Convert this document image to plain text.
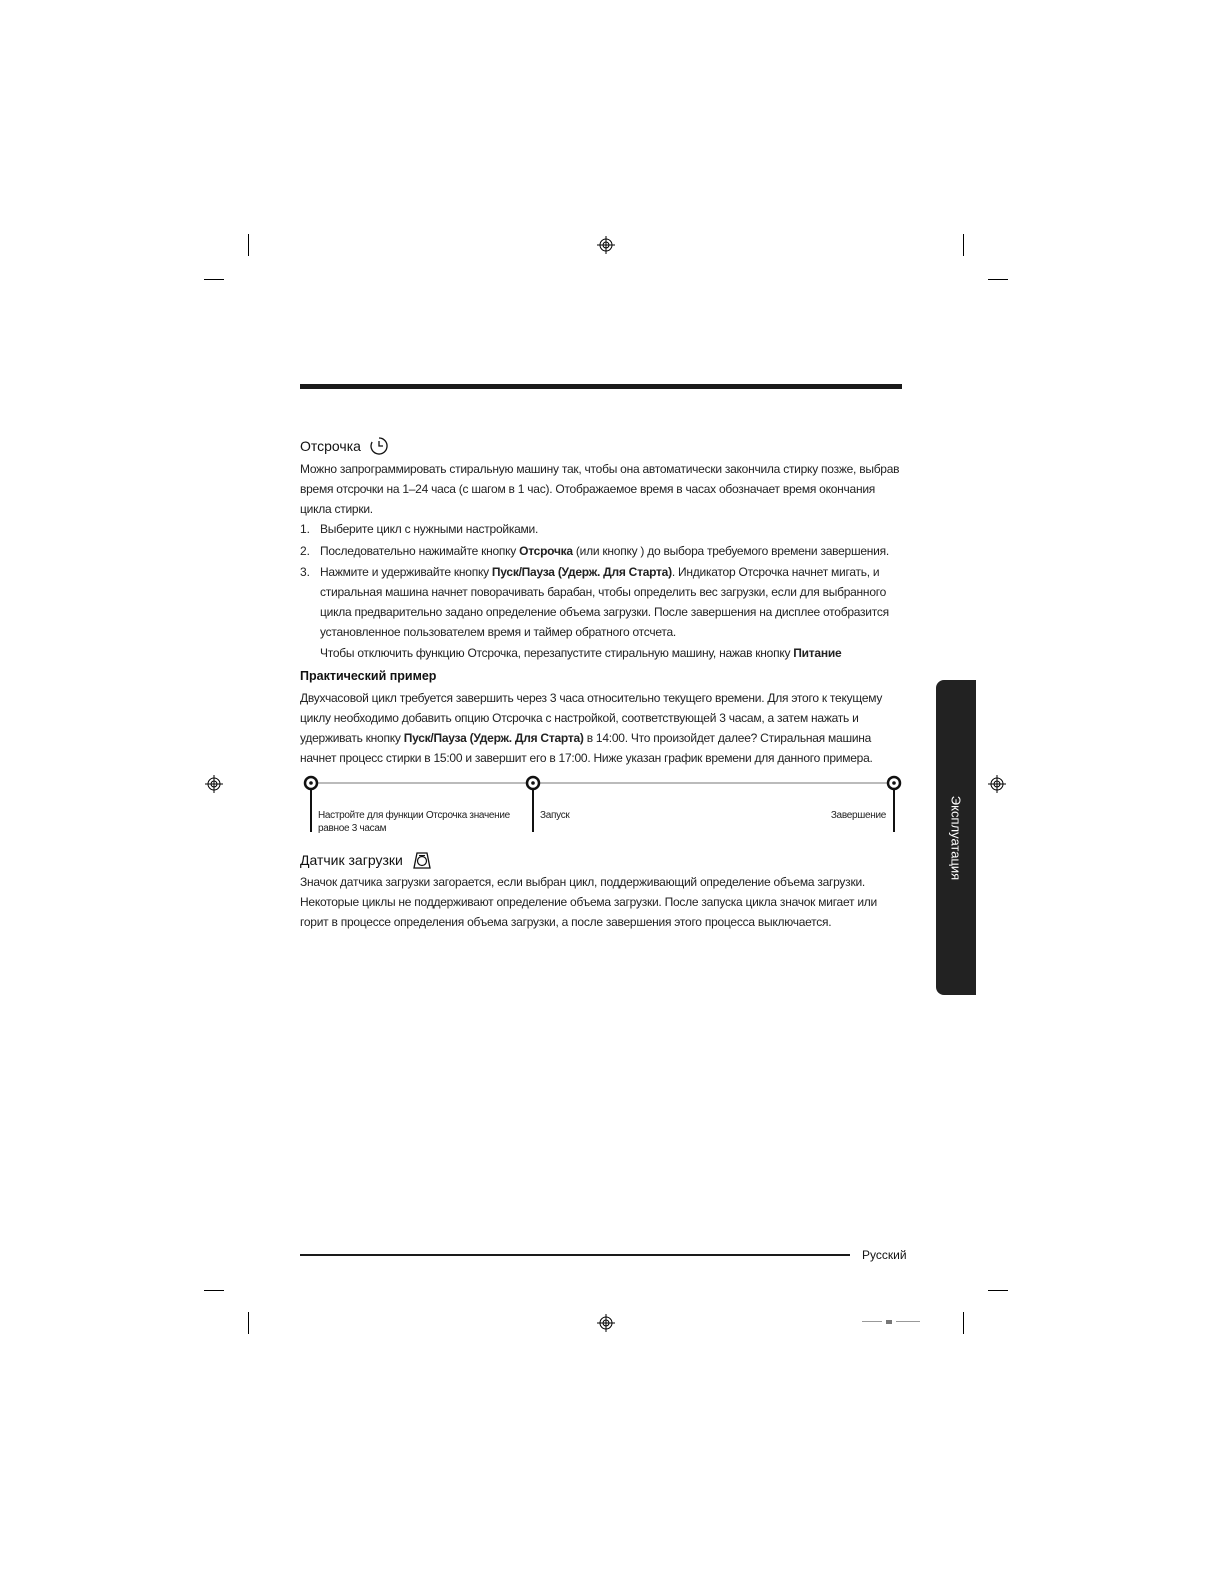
Отсрочка
Можно запрограммировать стиральную машину так, чтобы она автоматически закончила стирку позже, выбрав время отсрочки на 1–24 часа (с шагом в 1 час). Отображаемое время в часах обозначает время окончания цикла стирки.
1. Выберите цикл с нужными настройками.
2. Последовательно нажимайте кнопку Отсрочка (или кнопку ) до выбора требуемого времени завершения.
3. Нажмите и удерживайте кнопку Пуск/Пауза (Удерж. Для Старта). Индикатор Отсрочка начнет мигать, и стиральная машина начнет поворачивать барабан, чтобы определить вес загрузки, если для выбранного цикла предварительно задано определение объема загрузки. После завершения на дисплее отобразится установленное пользователем время и таймер обратного отсчета.
Чтобы отключить функцию Отсрочка, перезапустите стиральную машину, нажав кнопку Питание
Практический пример
Двухчасовой цикл требуется завершить через 3 часа относительно текущего времени. Для этого к текущему циклу необходимо добавить опцию Отсрочка с настройкой, соответствующей 3 часам, а затем нажать и удерживать кнопку Пуск/Пауза (Удерж. Для Старта) в 14:00. Что произойдет далее? Стиральная машина начнет процесс стирки в 15:00 и завершит его в 17:00. Ниже указан график времени для данного примера.
Настройте для функции Отсрочка значение равное 3 часам
Запуск	Завершение
Датчик загрузки
Значок датчика загрузки загорается, если выбран цикл, поддерживающий определение объема загрузки. Некоторые циклы не поддерживают определение объема загрузки. После запуска цикла значок мигает или горит в процессе определения объема загрузки, а после завершения этого процесса выключается.
Эксплуатация
Русский
